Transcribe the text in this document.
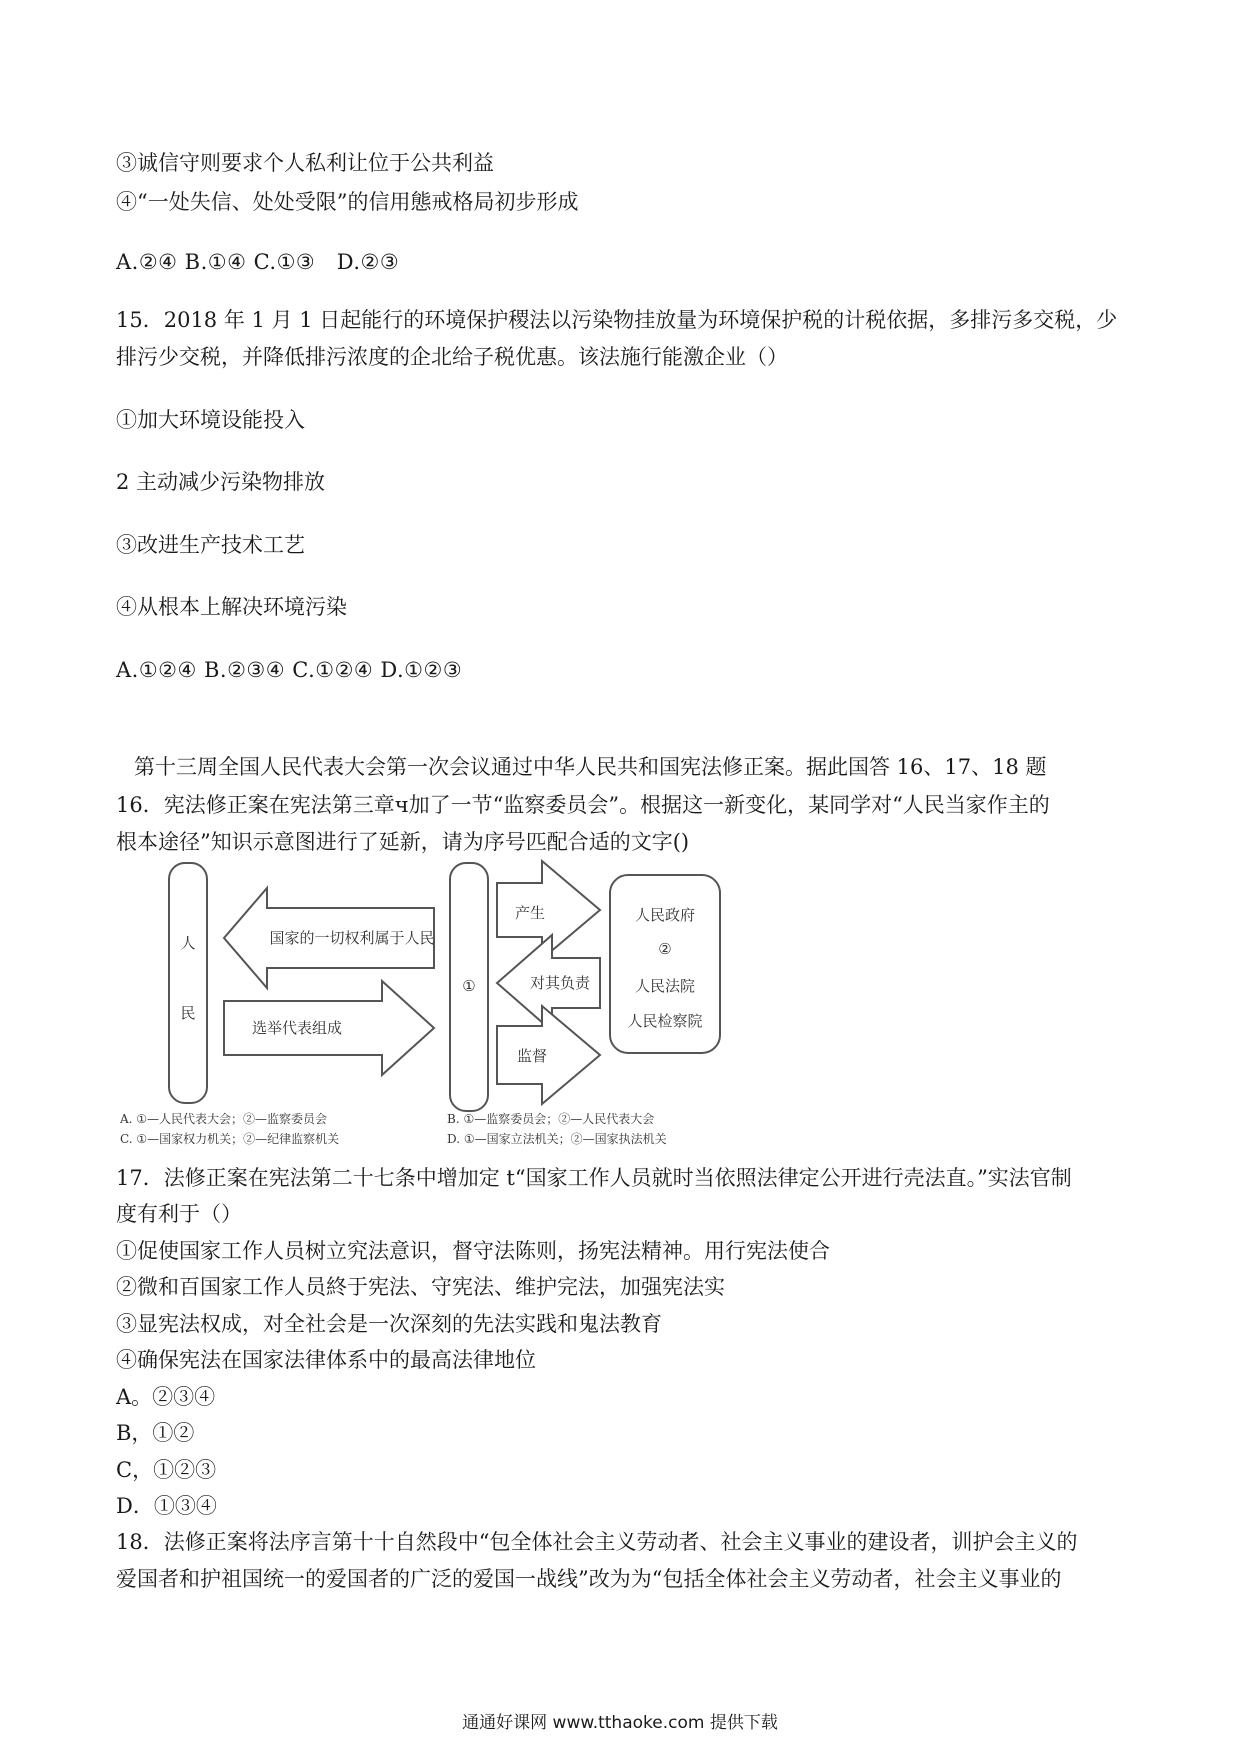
③诚信守则要求个人私利让位于公共利益
④“一处失信、处处受限”的信用態戒格局初步形成
A.②④ B.①④ C.①③　D.②③
15．2018 年 1 月 1 日起能行的环境保护稷法以污染物挂放量为环境保护税的计税依据，多排污多交税，少
排污少交税，并降低排污浓度的企北给子税优惠。该法施行能激企业（）
①加大环境设能投入
2 主动减少污染物排放
③改进生产技术工艺
④从根本上解决环境污染
A.①②④ B.②③④ C.①②④ D.①②③
第十三周全国人民代表大会第一次会议通过中华人民共和国宪法修正案。据此国答 16、17、18 题
16．宪法修正案在宪法第三章ч加了一节“监察委员会”。根据这一新变化，某同学对“人民当家作主的
根本途径”知识示意图进行了延新，请为序号匹配合适的文字()
人
民
国家的一切权利属于人民
选举代表组成
①
产生
对其负责
监督
人民政府
②
人民法院
人民检察院
A. ①—人民代表大会；②—监察委员会	B. ①—监察委员会；②—人民代表大会
C. ①—国家权力机关；②—纪律监察机关	D. ①—国家立法机关；②—国家执法机关
17．法修正案在宪法第二十七条中增加定 t“国家工作人员就时当依照法律定公开进行壳法直。”实法官制
度有利于（）
①促使国家工作人员树立究法意识，督守法陈则，扬宪法精神。用行宪法使合
②微和百国家工作人员終于宪法、守宪法、维护完法，加强宪法实
③显宪法权成，对全社会是一次深刻的先法实践和鬼法教育
④确保宪法在国家法律体系中的最高法律地位
A。②③④
B，①②
C，①②③
D．①③④
18．法修正案将法序言第十十自然段中“包全体社会主义劳动者、社会主义事业的建设者，训护会主义的
爱国者和护祖国统一的爱国者的广泛的爱国一战线”改为为“包括全体社会主义劳动者，社会主义事业的
通通好课网 www.tthaoke.com 提供下载
